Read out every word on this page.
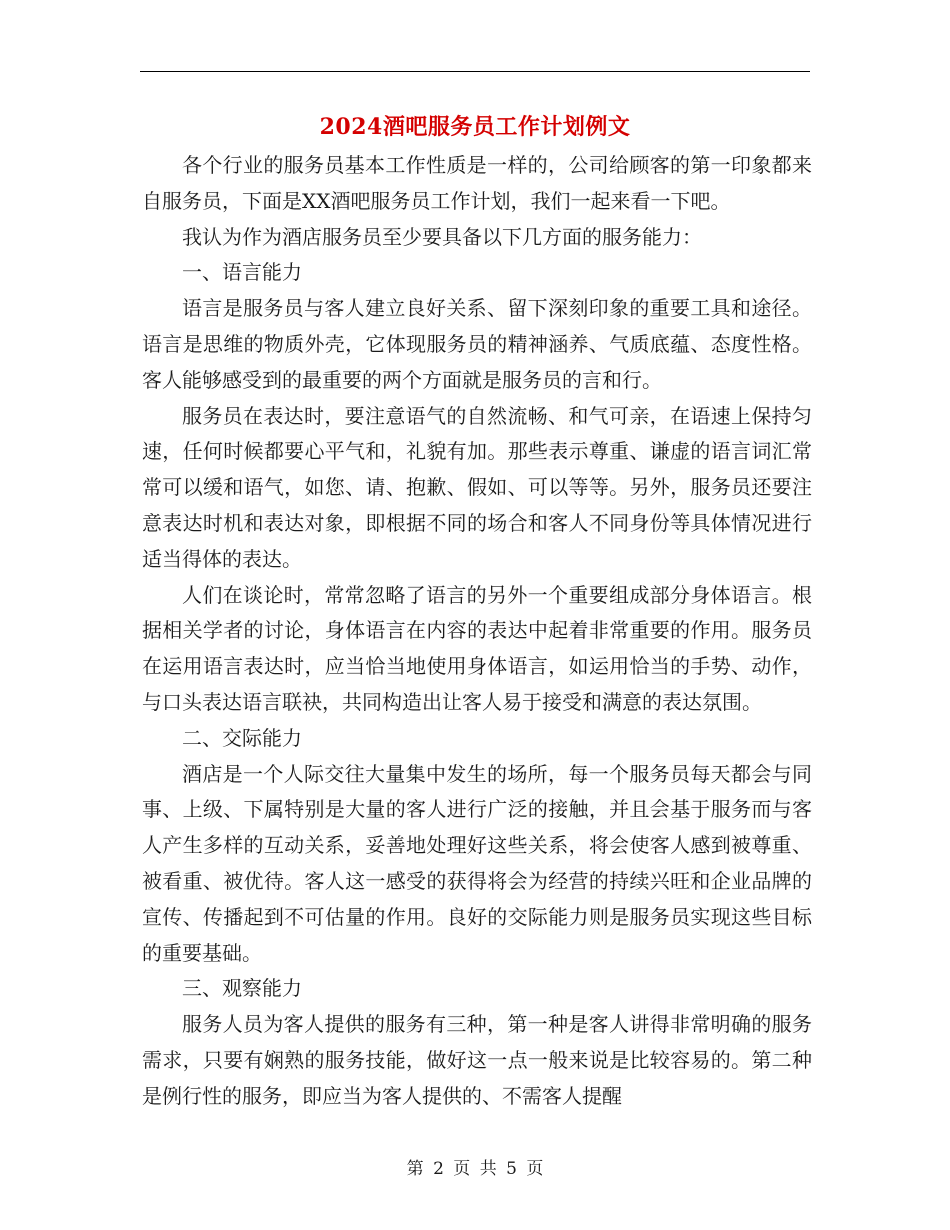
2024酒吧服务员工作计划例文

各个行业的服务员基本工作性质是一样的，公司给顾客的第一印象都来自服务员，下面是XX酒吧服务员工作计划，我们一起来看一下吧。

我认为作为酒店服务员至少要具备以下几方面的服务能力：

一、语言能力

语言是服务员与客人建立良好关系、留下深刻印象的重要工具和途径。语言是思维的物质外壳，它体现服务员的精神涵养、气质底蕴、态度性格。客人能够感受到的最重要的两个方面就是服务员的言和行。

服务员在表达时，要注意语气的自然流畅、和气可亲，在语速上保持匀速，任何时候都要心平气和，礼貌有加。那些表示尊重、谦虚的语言词汇常常可以缓和语气，如您、请、抱歉、假如、可以等等。另外，服务员还要注意表达时机和表达对象，即根据不同的场合和客人不同身份等具体情况进行适当得体的表达。

人们在谈论时，常常忽略了语言的另外一个重要组成部分身体语言。根据相关学者的讨论，身体语言在内容的表达中起着非常重要的作用。服务员在运用语言表达时，应当恰当地使用身体语言，如运用恰当的手势、动作，与口头表达语言联袂，共同构造出让客人易于接受和满意的表达氛围。

二、交际能力

酒店是一个人际交往大量集中发生的场所，每一个服务员每天都会与同事、上级、下属特别是大量的客人进行广泛的接触，并且会基于服务而与客人产生多样的互动关系，妥善地处理好这些关系，将会使客人感到被尊重、被看重、被优待。客人这一感受的获得将会为经营的持续兴旺和企业品牌的宣传、传播起到不可估量的作用。良好的交际能力则是服务员实现这些目标的重要基础。

三、观察能力

服务人员为客人提供的服务有三种，第一种是客人讲得非常明确的服务需求，只要有娴熟的服务技能，做好这一点一般来说是比较容易的。第二种是例行性的服务，即应当为客人提供的、不需客人提醒

第 2 页 共 5 页
